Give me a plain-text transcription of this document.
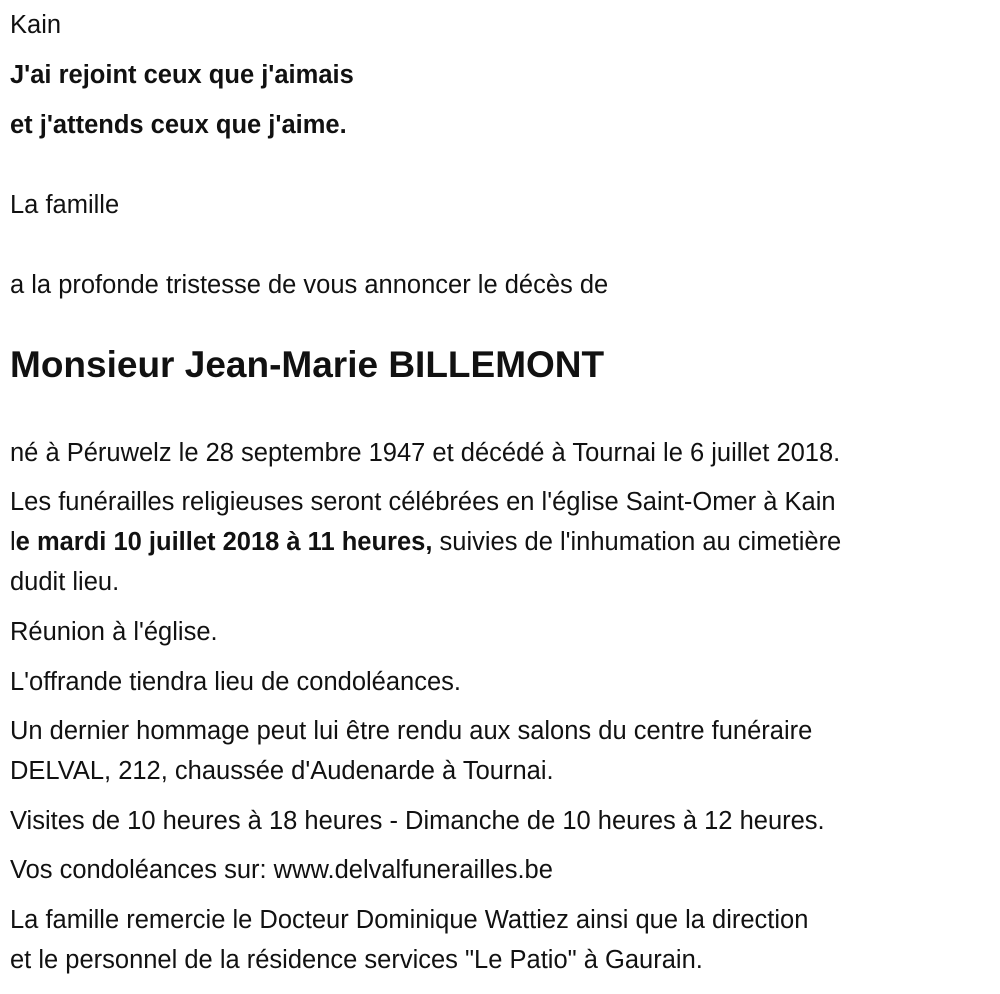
Kain
J'ai rejoint ceux que j'aimais
et j'attends ceux que j'aime.
La famille
a la profonde tristesse de vous annoncer le décès de
Monsieur Jean-Marie BILLEMONT
né à Péruwelz le 28 septembre 1947 et décédé à Tournai le 6 juillet 2018.
Les funérailles religieuses seront célébrées en l'église Saint-Omer à Kain
le mardi 10 juillet 2018 à 11 heures, suivies de l'inhumation au cimetière
dudit lieu.
Réunion à l'église.
L'offrande tiendra lieu de condoléances.
Un dernier hommage peut lui être rendu aux salons du centre funéraire
DELVAL, 212, chaussée d'Audenarde à Tournai.
Visites de 10 heures à 18 heures - Dimanche de 10 heures à 12 heures.
Vos condoléances sur: www.delvalfunerailles.be
La famille remercie le Docteur Dominique Wattiez ainsi que la direction
et le personnel de la résidence services "Le Patio" à Gaurain.
